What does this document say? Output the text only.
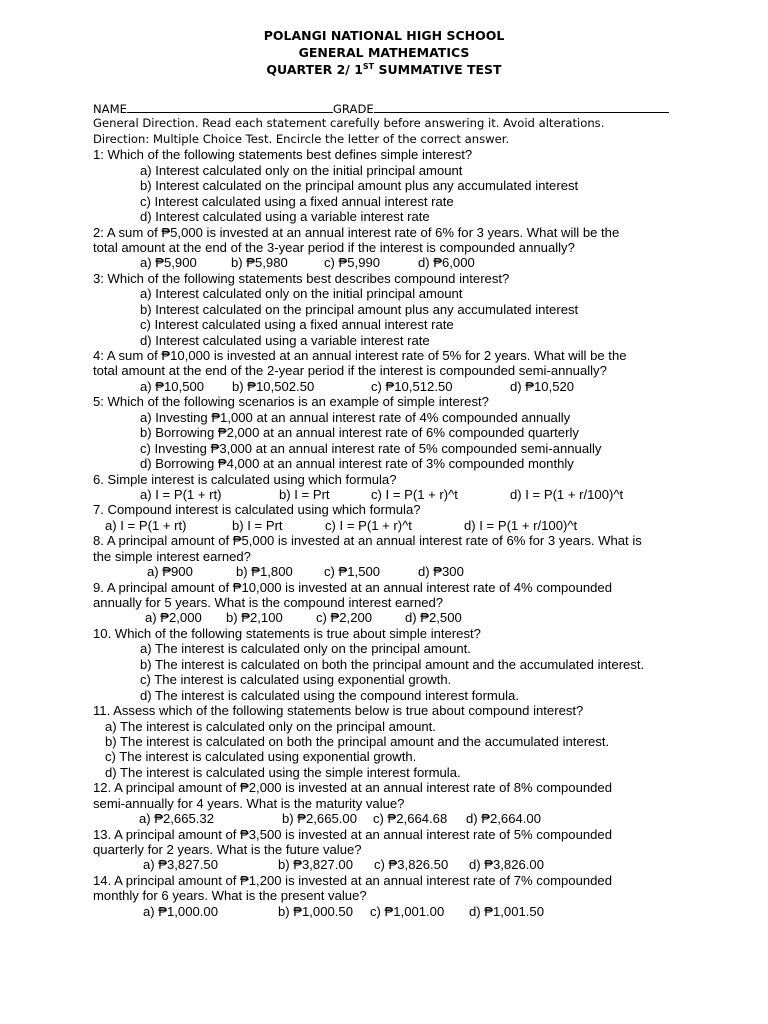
POLANGI NATIONAL HIGH SCHOOL
GENERAL MATHEMATICS
QUARTER 2/ 1ST SUMMATIVE TEST
NAME	GRADE
General Direction. Read each statement carefully before answering it. Avoid alterations.
Direction: Multiple Choice Test. Encircle the letter of the correct answer.
1: Which of the following statements best defines simple interest?
a) Interest calculated only on the initial principal amount
b) Interest calculated on the principal amount plus any accumulated interest
c) Interest calculated using a fixed annual interest rate
d) Interest calculated using a variable interest rate
2: A sum of ₱5,000 is invested at an annual interest rate of 6% for 3 years. What will be the
total amount at the end of the 3-year period if the interest is compounded annually?
a) ₱5,900	b) ₱5,980	c) ₱5,990	d) ₱6,000
3: Which of the following statements best describes compound interest?
a) Interest calculated only on the initial principal amount
b) Interest calculated on the principal amount plus any accumulated interest
c) Interest calculated using a fixed annual interest rate
d) Interest calculated using a variable interest rate
4: A sum of ₱10,000 is invested at an annual interest rate of 5% for 2 years. What will be the
total amount at the end of the 2-year period if the interest is compounded semi-annually?
a) ₱10,500 b) ₱10,502.50	c) ₱10,512.50	d) ₱10,520
5: Which of the following scenarios is an example of simple interest?
a) Investing ₱1,000 at an annual interest rate of 4% compounded annually
b) Borrowing ₱2,000 at an annual interest rate of 6% compounded quarterly
c) Investing ₱3,000 at an annual interest rate of 5% compounded semi-annually
d) Borrowing ₱4,000 at an annual interest rate of 3% compounded monthly
6. Simple interest is calculated using which formula?
a) I = P(1 + rt)	b) I = Prt	c) I = P(1 + r)^t	d) I = P(1 + r/100)^t
7. Compound interest is calculated using which formula?
a) I = P(1 + rt)	b) I = Prt	c) I = P(1 + r)^t	d) I = P(1 + r/100)^t
8. A principal amount of ₱5,000 is invested at an annual interest rate of 6% for 3 years. What is
the simple interest earned?
a) ₱900	b) ₱1,800 c) ₱1,500	d) ₱300
9. A principal amount of ₱10,000 is invested at an annual interest rate of 4% compounded
annually for 5 years. What is the compound interest earned?
a) ₱2,000 b) ₱2,100	c) ₱2,200	d) ₱2,500
10. Which of the following statements is true about simple interest?
a) The interest is calculated only on the principal amount.
b) The interest is calculated on both the principal amount and the accumulated interest.
c) The interest is calculated using exponential growth.
d) The interest is calculated using the compound interest formula.
11. Assess which of the following statements below is true about compound interest?
a) The interest is calculated only on the principal amount.
b) The interest is calculated on both the principal amount and the accumulated interest.
c) The interest is calculated using exponential growth.
d) The interest is calculated using the simple interest formula.
12. A principal amount of ₱2,000 is invested at an annual interest rate of 8% compounded
semi-annually for 4 years. What is the maturity value?
a) ₱2,665.32	b) ₱2,665.00 c) ₱2,664.68 d) ₱2,664.00
13. A principal amount of ₱3,500 is invested at an annual interest rate of 5% compounded
quarterly for 2 years. What is the future value?
a) ₱3,827.50	b) ₱3,827.00 c) ₱3,826.50 d) ₱3,826.00
14. A principal amount of ₱1,200 is invested at an annual interest rate of 7% compounded
monthly for 6 years. What is the present value?
a) ₱1,000.00	b) ₱1,000.50 c) ₱1,001.00 d) ₱1,001.50
